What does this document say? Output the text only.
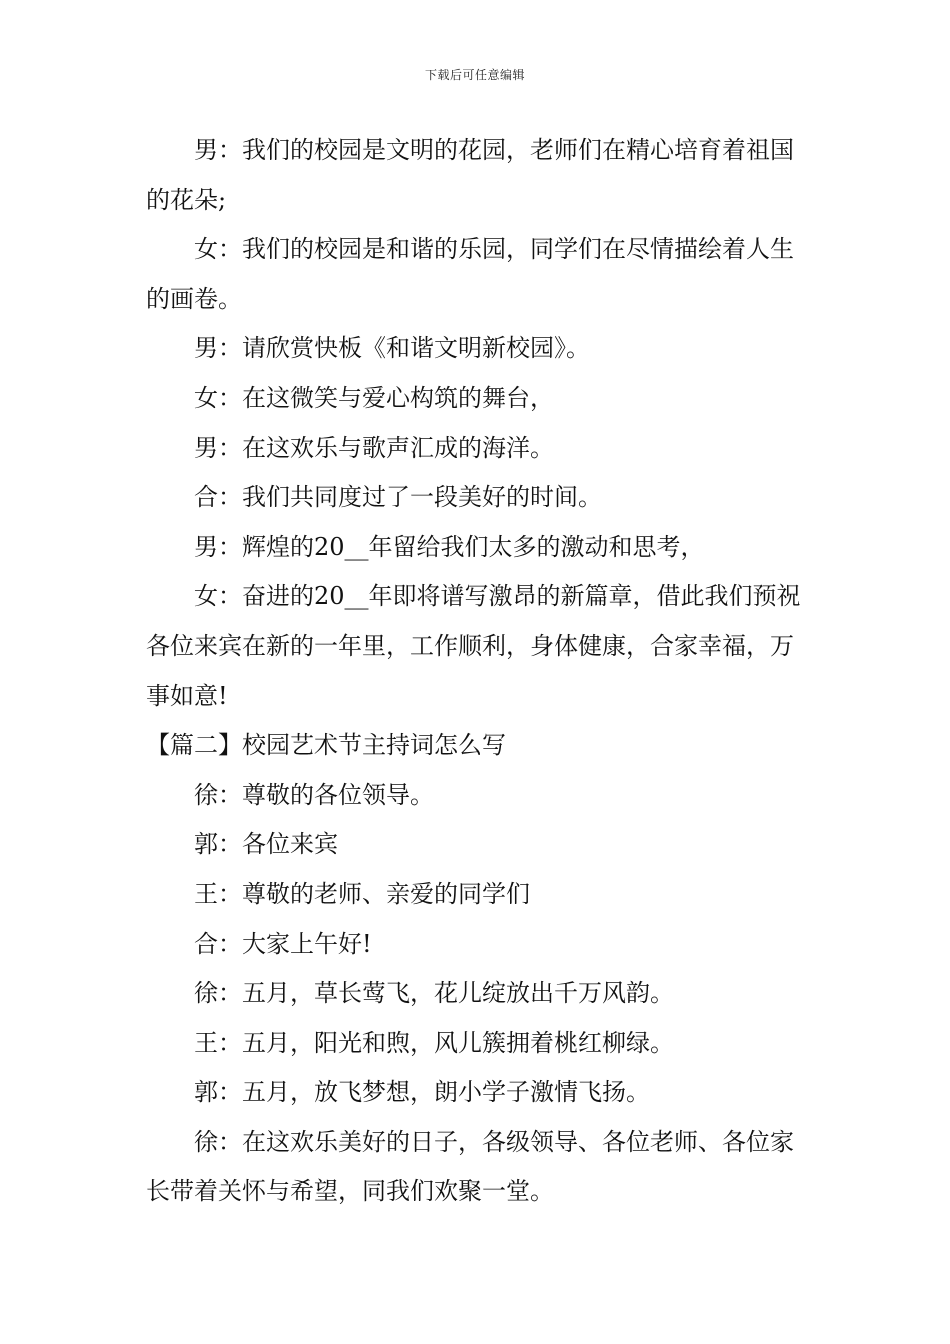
下载后可任意编辑

男：我们的校园是文明的花园，老师们在精心培育着祖国的花朵;

女：我们的校园是和谐的乐园，同学们在尽情描绘着人生的画卷。

男：请欣赏快板《和谐文明新校园》。

女：在这微笑与爱心构筑的舞台，

男：在这欢乐与歌声汇成的海洋。

合：我们共同度过了一段美好的时间。

男：辉煌的20__年留给我们太多的激动和思考，

女：奋进的20__年即将谱写激昂的新篇章，借此我们预祝各位来宾在新的一年里，工作顺利，身体健康，合家幸福，万事如意!

【篇二】校园艺术节主持词怎么写

徐：尊敬的各位领导。

郭：各位来宾

王：尊敬的老师、亲爱的同学们

合：大家上午好!

徐：五月，草长莺飞，花儿绽放出千万风韵。

王：五月，阳光和煦，风儿簇拥着桃红柳绿。

郭：五月，放飞梦想，朗小学子激情飞扬。

徐：在这欢乐美好的日子，各级领导、各位老师、各位家长带着关怀与希望，同我们欢聚一堂。
